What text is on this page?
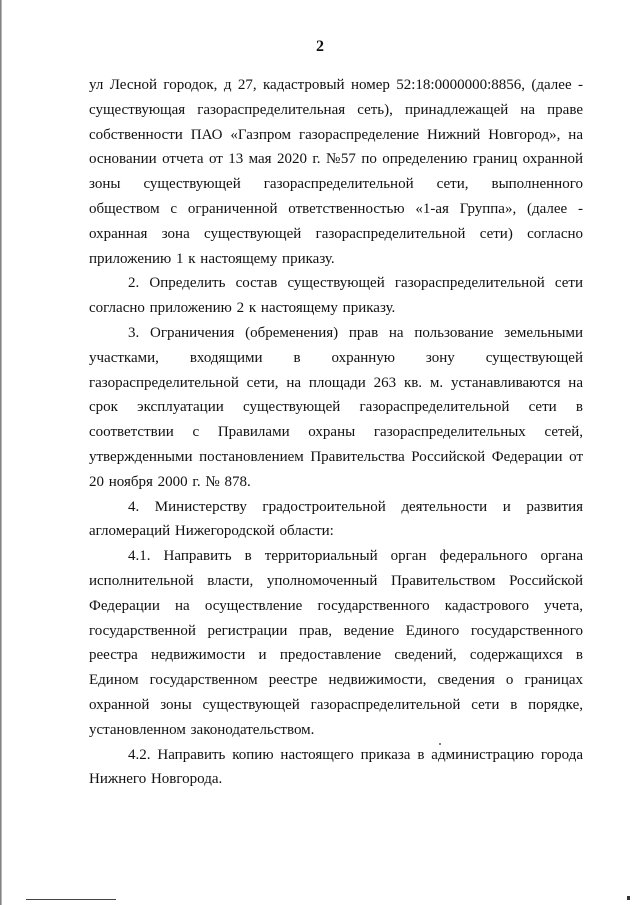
2

ул Лесной городок, д 27, кадастровый номер 52:18:0000000:8856, (далее - существующая газораспределительная сеть), принадлежащей на праве собственности ПАО «Газпром газораспределение Нижний Новгород», на основании отчета от 13 мая 2020 г. №57 по определению границ охранной зоны существующей газораспределительной сети, выполненного обществом с ограниченной ответственностью «1-ая Группа», (далее - охранная зона существующей газораспределительной сети) согласно приложению 1 к настоящему приказу.

2. Определить состав существующей газораспределительной сети согласно приложению 2 к настоящему приказу.

3. Ограничения (обременения) прав на пользование земельными участками, входящими в охранную зону существующей газораспределительной сети, на площади 263 кв. м. устанавливаются на срок эксплуатации существующей газораспределительной сети в соответствии с Правилами охраны газораспределительных сетей, утвержденными постановлением Правительства Российской Федерации от 20 ноября 2000 г. № 878.

4. Министерству градостроительной деятельности и развития агломераций Нижегородской области:

4.1. Направить в территориальный орган федерального органа исполнительной власти, уполномоченный Правительством Российской Федерации на осуществление государственного кадастрового учета, государственной регистрации прав, ведение Единого государственного реестра недвижимости и предоставление сведений, содержащихся в Едином государственном реестре недвижимости, сведения о границах охранной зоны существующей газораспределительной сети в порядке, установленном законодательством.

4.2. Направить копию настоящего приказа в администрацию города Нижнего Новгорода.
